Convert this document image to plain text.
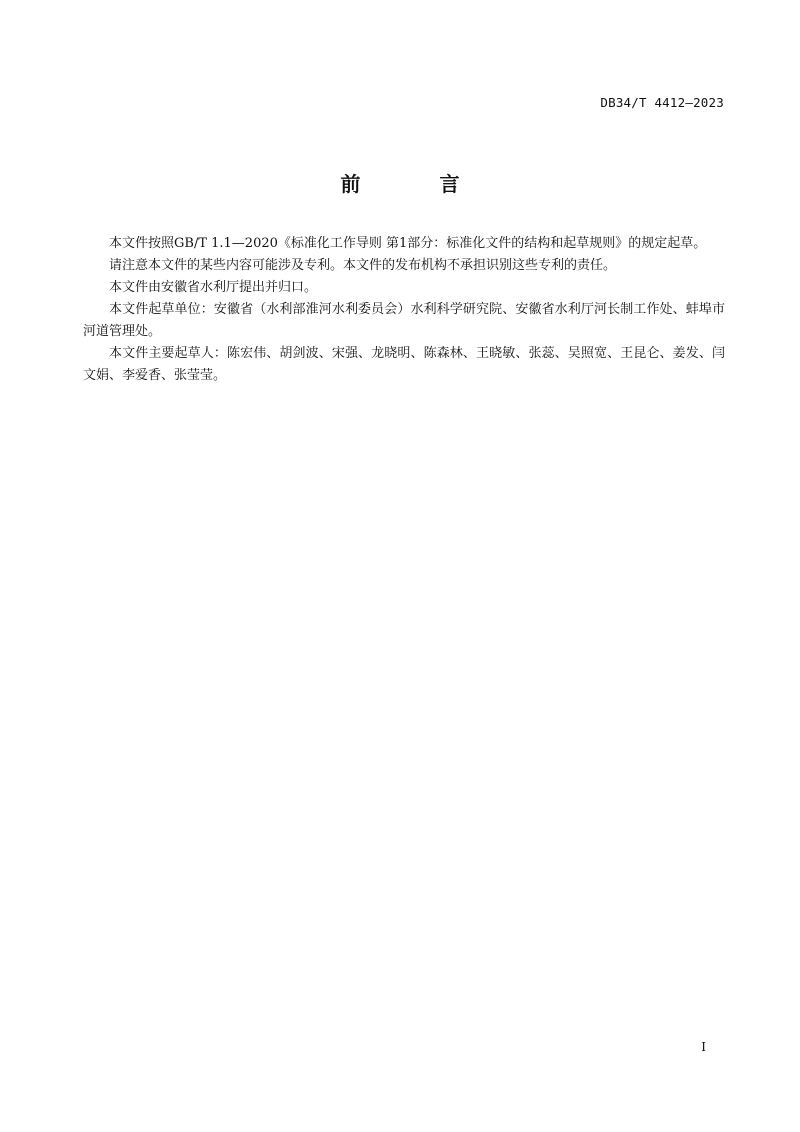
DB34/T 4412—2023
前 言

本文件按照GB/T 1.1—2020《标准化工作导则 第1部分：标准化文件的结构和起草规则》的规定起草。

请注意本文件的某些内容可能涉及专利。本文件的发布机构不承担识别这些专利的责任。

本文件由安徽省水利厅提出并归口。

本文件起草单位：安徽省（水利部淮河水利委员会）水利科学研究院、安徽省水利厅河长制工作处、蚌埠市河道管理处。

本文件主要起草人：陈宏伟、胡剑波、宋强、龙晓明、陈森林、王晓敏、张蕊、吴照宽、王昆仑、姜发、闫文娟、李爱香、张莹莹。

I
